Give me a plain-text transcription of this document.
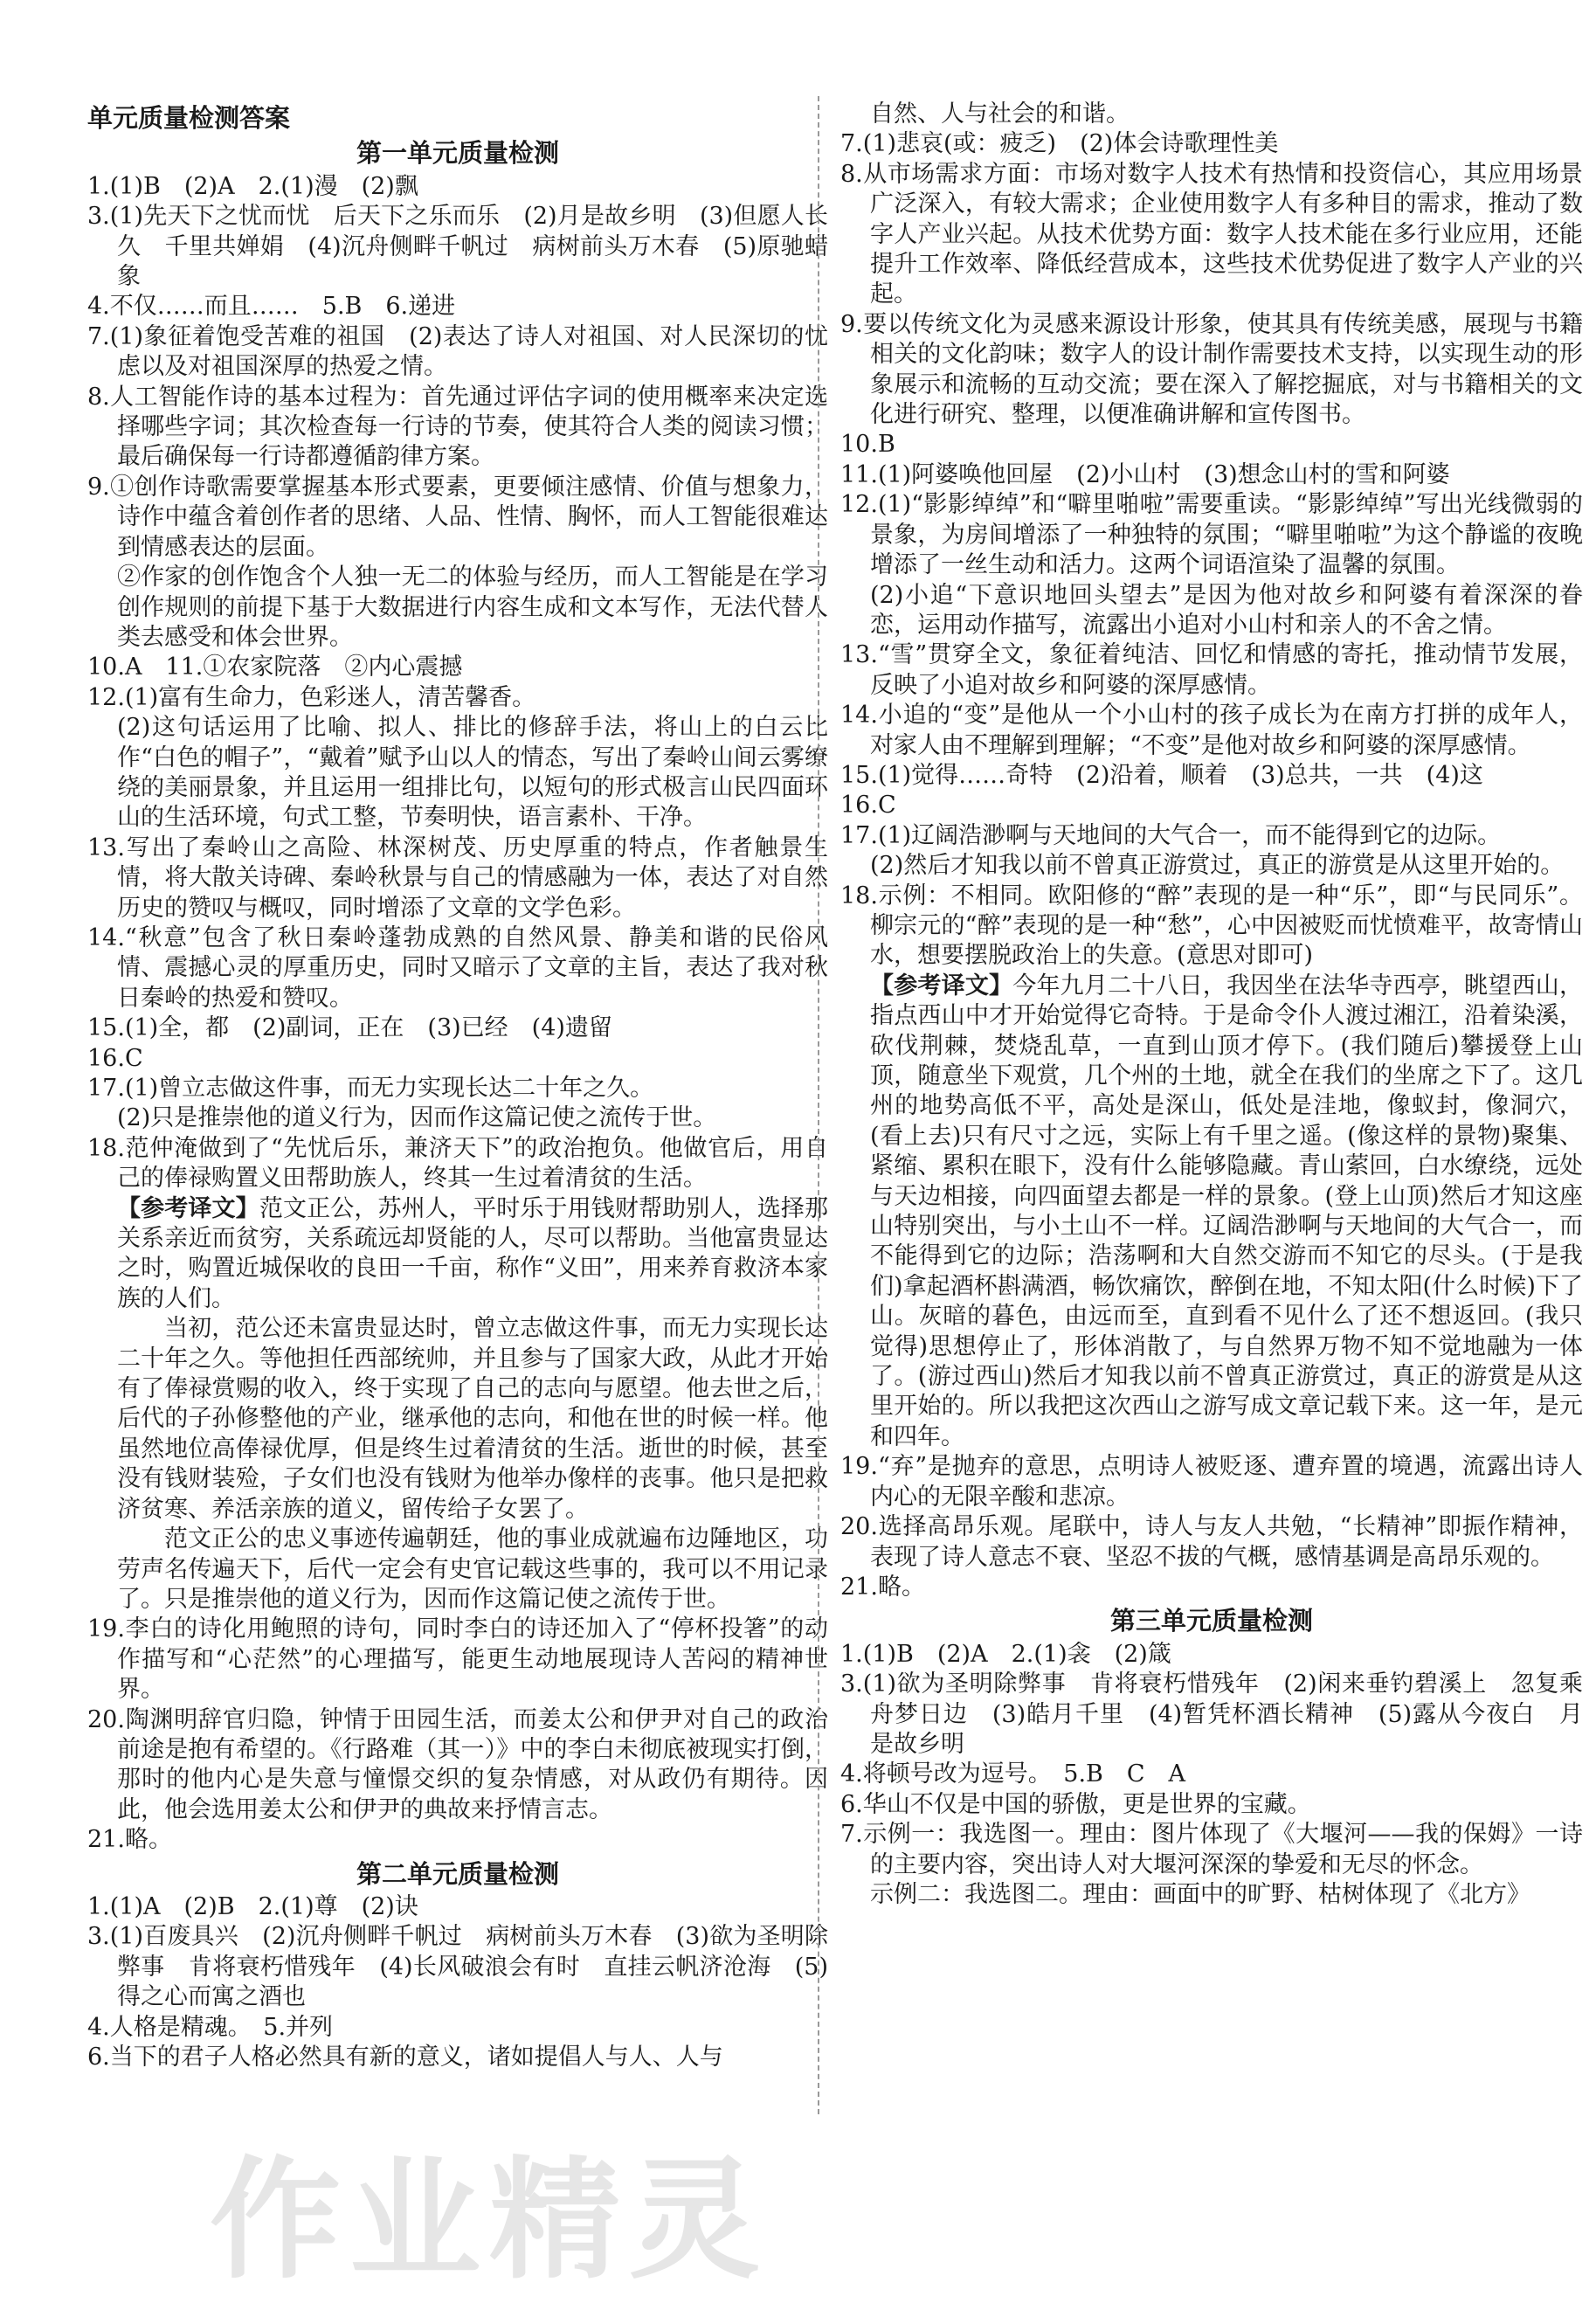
单元质量检测答案
第一单元质量检测

1.(1)B　(2)A　2.(1)漫　(2)飘

3.(1)先天下之忧而忧　后天下之乐而乐　(2)月是故乡明　(3)但愿人长久　千里共婵娟　(4)沉舟侧畔千帆过　病树前头万木春　(5)原驰蜡象

4.不仅……而且……　5.B　6.递进

7.(1)象征着饱受苦难的祖国　(2)表达了诗人对祖国、对人民深切的忧虑以及对祖国深厚的热爱之情。

8.人工智能作诗的基本过程为：首先通过评估字词的使用概率来决定选择哪些字词；其次检查每一行诗的节奏，使其符合人类的阅读习惯；最后确保每一行诗都遵循韵律方案。

9.①创作诗歌需要掌握基本形式要素，更要倾注感情、价值与想象力，诗作中蕴含着创作者的思绪、人品、性情、胸怀，而人工智能很难达到情感表达的层面。

②作家的创作饱含个人独一无二的体验与经历，而人工智能是在学习创作规则的前提下基于大数据进行内容生成和文本写作，无法代替人类去感受和体会世界。

10.A　11.①农家院落　②内心震撼

12.(1)富有生命力，色彩迷人，清苦馨香。

(2)这句话运用了比喻、拟人、排比的修辞手法，将山上的白云比作“白色的帽子”，“戴着”赋予山以人的情态，写出了秦岭山间云雾缭绕的美丽景象，并且运用一组排比句，以短句的形式极言山民四面环山的生活环境，句式工整，节奏明快，语言素朴、干净。

13.写出了秦岭山之高险、林深树茂、历史厚重的特点，作者触景生情，将大散关诗碑、秦岭秋景与自己的情感融为一体，表达了对自然历史的赞叹与概叹，同时增添了文章的文学色彩。

14.“秋意”包含了秋日秦岭蓬勃成熟的自然风景、静美和谐的民俗风情、震撼心灵的厚重历史，同时又暗示了文章的主旨，表达了我对秋日秦岭的热爱和赞叹。

15.(1)全，都　(2)副词，正在　(3)已经　(4)遗留

16.C

17.(1)曾立志做这件事，而无力实现长达二十年之久。

(2)只是推崇他的道义行为，因而作这篇记使之流传于世。

18.范仲淹做到了“先忧后乐，兼济天下”的政治抱负。他做官后，用自己的俸禄购置义田帮助族人，终其一生过着清贫的生活。

【参考译文】范文正公，苏州人，平时乐于用钱财帮助别人，选择那关系亲近而贫穷，关系疏远却贤能的人，尽可以帮助。当他富贵显达之时，购置近城保收的良田一千亩，称作“义田”，用来养育救济本家族的人们。

当初，范公还未富贵显达时，曾立志做这件事，而无力实现长达二十年之久。等他担任西部统帅，并且参与了国家大政，从此才开始有了俸禄赏赐的收入，终于实现了自己的志向与愿望。他去世之后，后代的子孙修整他的产业，继承他的志向，和他在世的时候一样。他虽然地位高俸禄优厚，但是终生过着清贫的生活。逝世的时候，甚至没有钱财装殓，子女们也没有钱财为他举办像样的丧事。他只是把救济贫寒、养活亲族的道义，留传给子女罢了。

范文正公的忠义事迹传遍朝廷，他的事业成就遍布边陲地区，功劳声名传遍天下，后代一定会有史官记载这些事的，我可以不用记录了。只是推崇他的道义行为，因而作这篇记使之流传于世。

19.李白的诗化用鲍照的诗句，同时李白的诗还加入了“停杯投箸”的动作描写和“心茫然”的心理描写，能更生动地展现诗人苦闷的精神世界。

20.陶渊明辞官归隐，钟情于田园生活，而姜太公和伊尹对自己的政治前途是抱有希望的。《行路难（其一）》中的李白未彻底被现实打倒，那时的他内心是失意与憧憬交织的复杂情感，对从政仍有期待。因此，他会选用姜太公和伊尹的典故来抒情言志。

21.略。

第二单元质量检测

1.(1)A　(2)B　2.(1)尊　(2)诀

3.(1)百废具兴　(2)沉舟侧畔千帆过　病树前头万木春　(3)欲为圣明除弊事　肯将衰朽惜残年　(4)长风破浪会有时　直挂云帆济沧海　(5)得之心而寓之酒也

4.人格是精魂。　5.并列

6.当下的君子人格必然具有新的意义，诸如提倡人与人、人与

自然、人与社会的和谐。

7.(1)悲哀(或：疲乏)　(2)体会诗歌理性美

8.从市场需求方面：市场对数字人技术有热情和投资信心，其应用场景广泛深入，有较大需求；企业使用数字人有多种目的需求，推动了数字人产业兴起。从技术优势方面：数字人技术能在多行业应用，还能提升工作效率、降低经营成本，这些技术优势促进了数字人产业的兴起。

9.要以传统文化为灵感来源设计形象，使其具有传统美感，展现与书籍相关的文化韵味；数字人的设计制作需要技术支持，以实现生动的形象展示和流畅的互动交流；要在深入了解挖掘底，对与书籍相关的文化进行研究、整理，以便准确讲解和宣传图书。

10.B

11.(1)阿婆唤他回屋　(2)小山村　(3)想念山村的雪和阿婆

12.(1)“影影绰绰”和“噼里啪啦”需要重读。“影影绰绰”写出光线微弱的景象，为房间增添了一种独特的氛围；“噼里啪啦”为这个静谧的夜晚增添了一丝生动和活力。这两个词语渲染了温馨的氛围。

(2)小追“下意识地回头望去”是因为他对故乡和阿婆有着深深的眷恋，运用动作描写，流露出小追对小山村和亲人的不舍之情。

13.“雪”贯穿全文，象征着纯洁、回忆和情感的寄托，推动情节发展，反映了小追对故乡和阿婆的深厚感情。

14.小追的“变”是他从一个小山村的孩子成长为在南方打拼的成年人，对家人由不理解到理解；“不变”是他对故乡和阿婆的深厚感情。

15.(1)觉得……奇特　(2)沿着，顺着　(3)总共，一共　(4)这

16.C

17.(1)辽阔浩渺啊与天地间的大气合一，而不能得到它的边际。

(2)然后才知我以前不曾真正游赏过，真正的游赏是从这里开始的。

18.示例：不相同。欧阳修的“醉”表现的是一种“乐”，即“与民同乐”。柳宗元的“醉”表现的是一种“愁”，心中因被贬而忧愤难平，故寄情山水，想要摆脱政治上的失意。(意思对即可)

【参考译文】今年九月二十八日，我因坐在法华寺西亭，眺望西山，指点西山中才开始觉得它奇特。于是命令仆人渡过湘江，沿着染溪，砍伐荆棘，焚烧乱草，一直到山顶才停下。(我们随后)攀援登上山顶，随意坐下观赏，几个州的土地，就全在我们的坐席之下了。这几州的地势高低不平，高处是深山，低处是洼地，像蚁封，像洞穴，(看上去)只有尺寸之远，实际上有千里之遥。(像这样的景物)聚集、紧缩、累积在眼下，没有什么能够隐藏。青山萦回，白水缭绕，远处与天边相接，向四面望去都是一样的景象。(登上山顶)然后才知这座山特别突出，与小土山不一样。辽阔浩渺啊与天地间的大气合一，而不能得到它的边际；浩荡啊和大自然交游而不知它的尽头。(于是我们)拿起酒杯斟满酒，畅饮痛饮，醉倒在地，不知太阳(什么时候)下了山。灰暗的暮色，由远而至，直到看不见什么了还不想返回。(我只觉得)思想停止了，形体消散了，与自然界万物不知不觉地融为一体了。(游过西山)然后才知我以前不曾真正游赏过，真正的游赏是从这里开始的。所以我把这次西山之游写成文章记载下来。这一年，是元和四年。

19.“弃”是抛弃的意思，点明诗人被贬逐、遭弃置的境遇，流露出诗人内心的无限辛酸和悲凉。

20.选择高昂乐观。尾联中，诗人与友人共勉，“长精神”即振作精神，表现了诗人意志不衰、坚忍不拔的气概，感情基调是高昂乐观的。

21.略。

第三单元质量检测

1.(1)B　(2)A　2.(1)衾　(2)箴

3.(1)欲为圣明除弊事　肯将衰朽惜残年　(2)闲来垂钓碧溪上　忽复乘舟梦日边　(3)皓月千里　(4)暂凭杯酒长精神　(5)露从今夜白　月是故乡明

4.将顿号改为逗号。　5.B　C　A

6.华山不仅是中国的骄傲，更是世界的宝藏。

7.示例一：我选图一。理由：图片体现了《大堰河——我的保姆》一诗的主要内容，突出诗人对大堰河深深的挚爱和无尽的怀念。

示例二：我选图二。理由：画面中的旷野、枯树体现了《北方》

作业精灵
